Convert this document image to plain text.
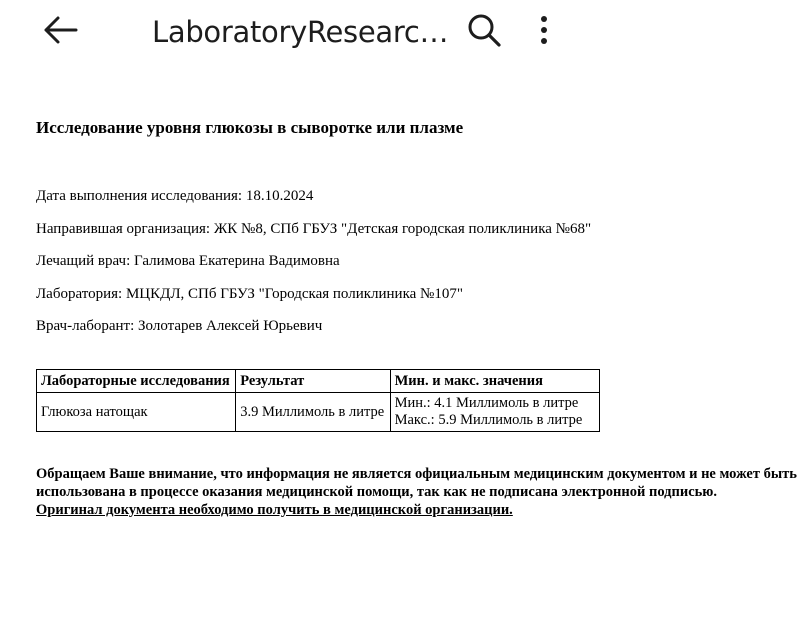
LaboratoryResearc…
Исследование уровня глюкозы в сыворотке или плазме
Дата выполнения исследования: 18.10.2024
Направившая организация: ЖК №8, СПб ГБУЗ "Детская городская поликлиника №68"
Лечащий врач: Галимова Екатерина Вадимовна
Лаборатория: МЦКДЛ, СПб ГБУЗ "Городская поликлиника №107"
Врач-лаборант: Золотарев Алексей Юрьевич
Лабораторные исследования	Результат	Мин. и макс. значения
Глюкоза натощак	3.9 Миллимоль в литре	Мин.: 4.1 Миллимоль в литре
Макс.: 5.9 Миллимоль в литре
Обращаем Ваше внимание, что информация не является официальным медицинским документом и не может быть
использована в процессе оказания медицинской помощи, так как не подписана электронной подписью.
Оригинал документа необходимо получить в медицинской организации.
